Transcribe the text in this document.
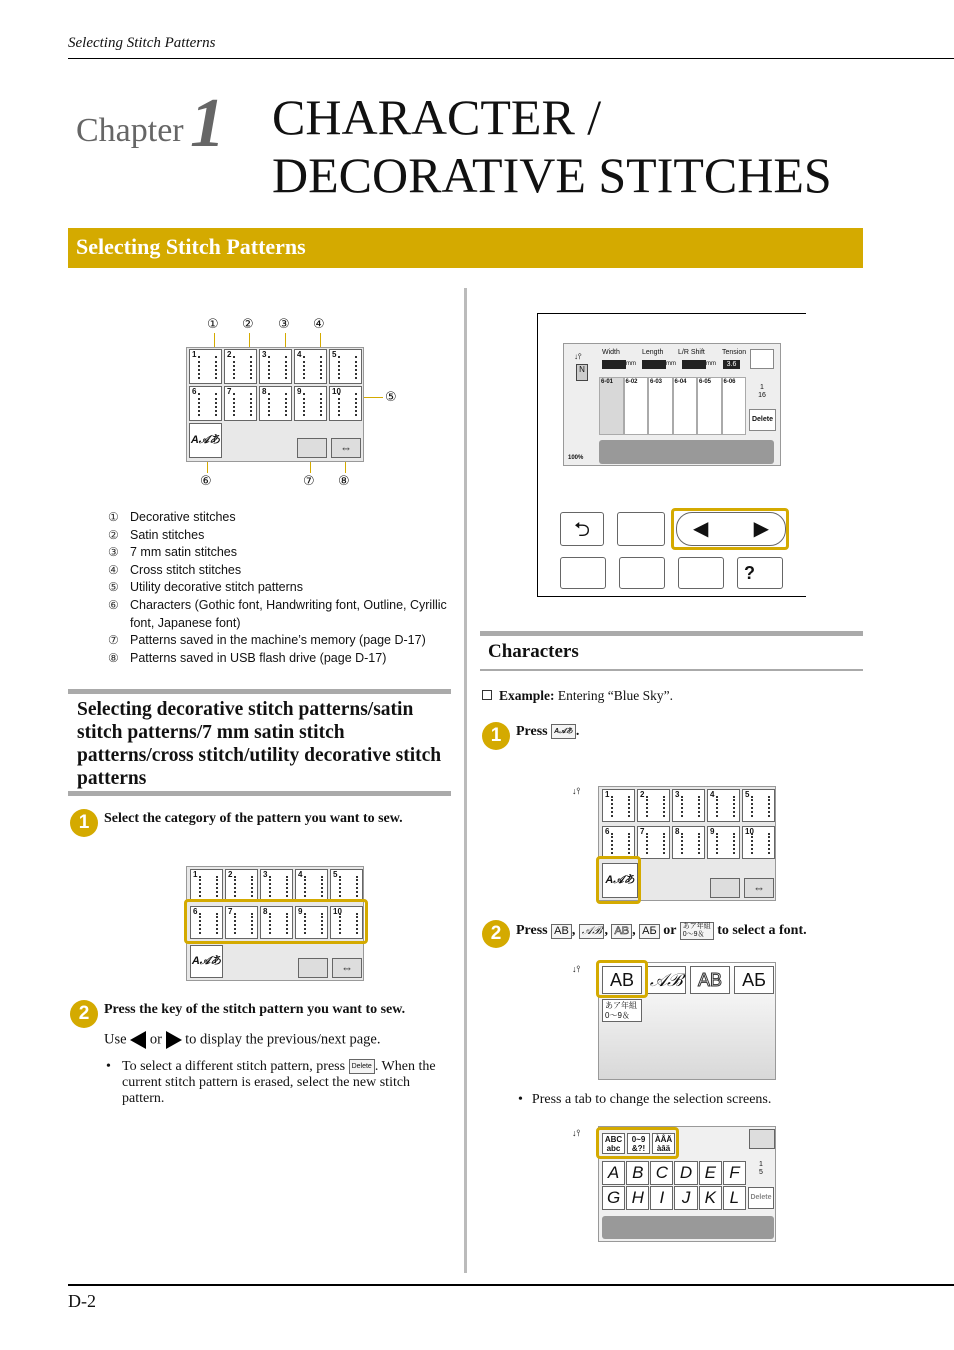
Selecting Stitch Patterns
Chapter 1 CHARACTER /
DECORATIVE STITCHES
Selecting Stitch Patterns
① ② ③ ④
⑤
⑥	⑦ ⑧
1	2	3	4	5
6	7	8	9	10
A𝒜あ
⇔
① Decorative stitches
② Satin stitches
③ 7 mm satin stitches
④ Cross stitch stitches
⑤ Utility decorative stitch patterns
⑥ Characters (Gothic font, Handwriting font, Outline, Cyrillic font, Japanese font)
⑦ Patterns saved in the machine’s memory (page D-17)
⑧ Patterns saved in USB flash drive (page D-17)
Selecting decorative stitch patterns/satin stitch patterns/7 mm satin stitch patterns/cross stitch/utility decorative stitch patterns
1	Select the category of the pattern you want to sew.
1	2	3	4	5
6	7	8	9	10
A𝒜あ	⇔
2	Press the key of the stitch pattern you want to sew.
Use or to display the previous/next page.
• To select a different stitch pattern, press Delete . When the current stitch pattern is erased, select the new stitch pattern.
↓⫯
N
100%
Width	Length L/R Shift Tension
mm	mm	mm	3.6
6-01	6-02	6-03	6-04	6-05	6-06
1
16
Delete
⮌	◀ ▶
?
Characters
Example: Entering “Blue Sky”.
1	Press A𝒜あ .
↓⫯	1	2	3	4	5
6	7	8	9	10
A𝒜あ
⇔
2	Press AB , 𝒜ℬ , AB , АБ or あア年組
0～9＆ to select a font.
↓⫯
AB 𝒜ℬ AB	АБ
あア年組
0～9＆
• Press a tab to change the selection screens.
↓⫯
ABC
abc
0~9
&?!
ÀÂÄ
àâä
A B C D E F
G H I	J K L
1
5
Delete
D-2
